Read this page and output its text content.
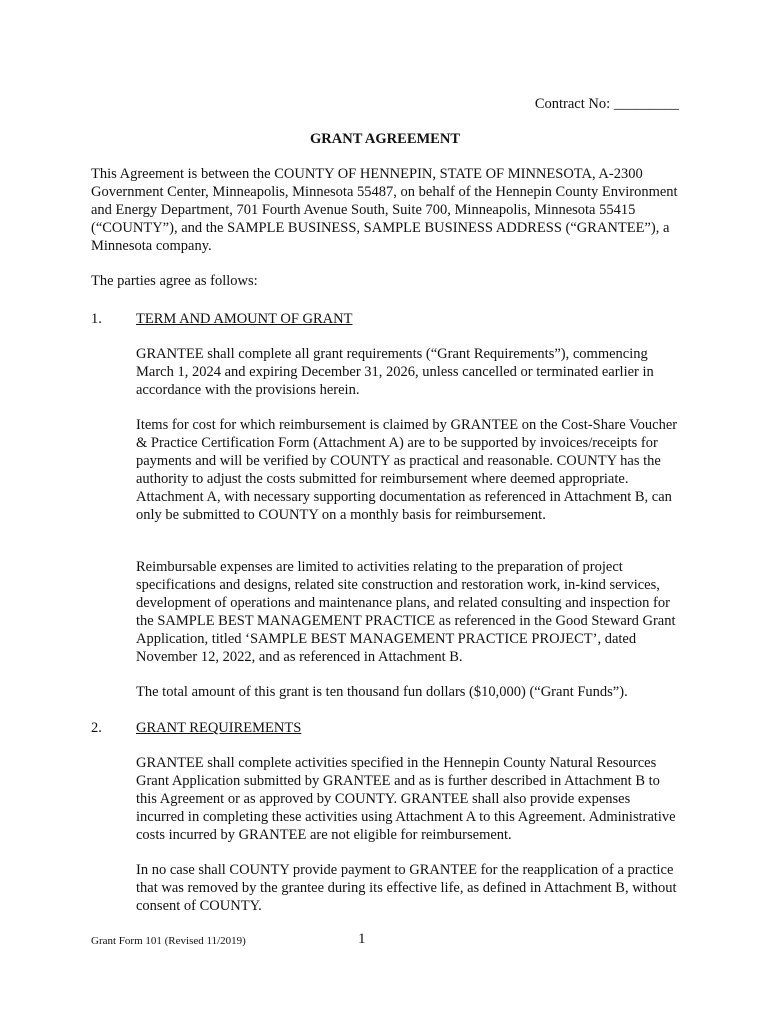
Contract No: _________
GRANT AGREEMENT
This Agreement is between the COUNTY OF HENNEPIN, STATE OF MINNESOTA, A-2300 Government Center, Minneapolis, Minnesota 55487, on behalf of the Hennepin County Environment and Energy Department, 701 Fourth Avenue South, Suite 700, Minneapolis, Minnesota 55415 (“COUNTY”), and the SAMPLE BUSINESS, SAMPLE BUSINESS ADDRESS (“GRANTEE”), a Minnesota company.
The parties agree as follows:
1. TERM AND AMOUNT OF GRANT
GRANTEE shall complete all grant requirements (“Grant Requirements”), commencing March 1, 2024 and expiring December 31, 2026, unless cancelled or terminated earlier in accordance with the provisions herein.
Items for cost for which reimbursement is claimed by GRANTEE on the Cost-Share Voucher & Practice Certification Form (Attachment A) are to be supported by invoices/receipts for payments and will be verified by COUNTY as practical and reasonable. COUNTY has the authority to adjust the costs submitted for reimbursement where deemed appropriate. Attachment A, with necessary supporting documentation as referenced in Attachment B, can only be submitted to COUNTY on a monthly basis for reimbursement.
Reimbursable expenses are limited to activities relating to the preparation of project specifications and designs, related site construction and restoration work, in-kind services, development of operations and maintenance plans, and related consulting and inspection for the SAMPLE BEST MANAGEMENT PRACTICE as referenced in the Good Steward Grant Application, titled ‘SAMPLE BEST MANAGEMENT PRACTICE PROJECT’, dated November 12, 2022, and as referenced in Attachment B.
The total amount of this grant is ten thousand fun dollars ($10,000) (“Grant Funds”).
2. GRANT REQUIREMENTS
GRANTEE shall complete activities specified in the Hennepin County Natural Resources Grant Application submitted by GRANTEE and as is further described in Attachment B to this Agreement or as approved by COUNTY. GRANTEE shall also provide expenses incurred in completing these activities using Attachment A to this Agreement. Administrative costs incurred by GRANTEE are not eligible for reimbursement.
In no case shall COUNTY provide payment to GRANTEE for the reapplication of a practice that was removed by the grantee during its effective life, as defined in Attachment B, without consent of COUNTY.
Grant Form 101 (Revised 11/2019)	1
